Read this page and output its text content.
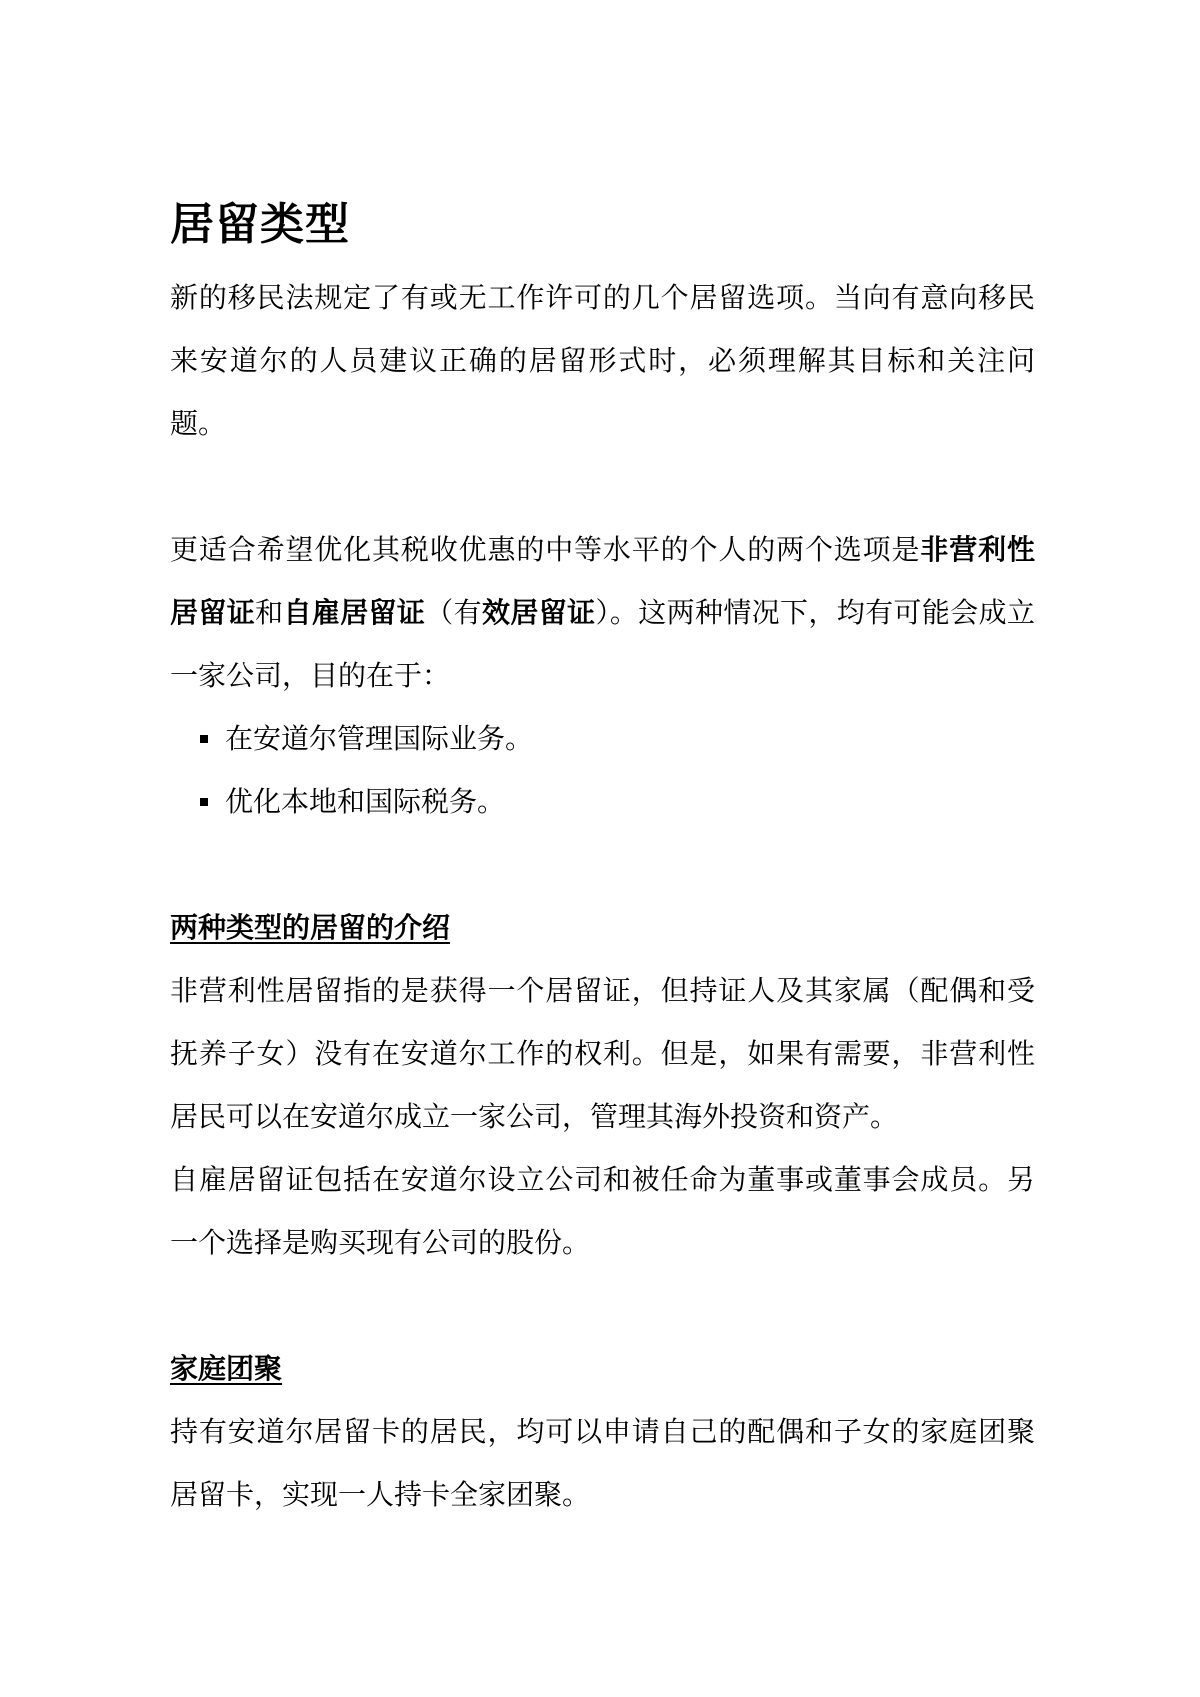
居留类型

新的移民法规定了有或无工作许可的几个居留选项。当向有意向移民来安道尔的人员建议正确的居留形式时，必须理解其目标和关注问题。

更适合希望优化其税收优惠的中等水平的个人的两个选项是非营利性居留证和自雇居留证（有效居留证）。这两种情况下，均有可能会成立一家公司，目的在于：

在安道尔管理国际业务。
优化本地和国际税务。
两种类型的居留的介绍

非营利性居留指的是获得一个居留证，但持证人及其家属（配偶和受抚养子女）没有在安道尔工作的权利。但是，如果有需要，非营利性居民可以在安道尔成立一家公司，管理其海外投资和资产。

自雇居留证包括在安道尔设立公司和被任命为董事或董事会成员。另一个选择是购买现有公司的股份。

家庭团聚

持有安道尔居留卡的居民，均可以申请自己的配偶和子女的家庭团聚居留卡，实现一人持卡全家团聚。
